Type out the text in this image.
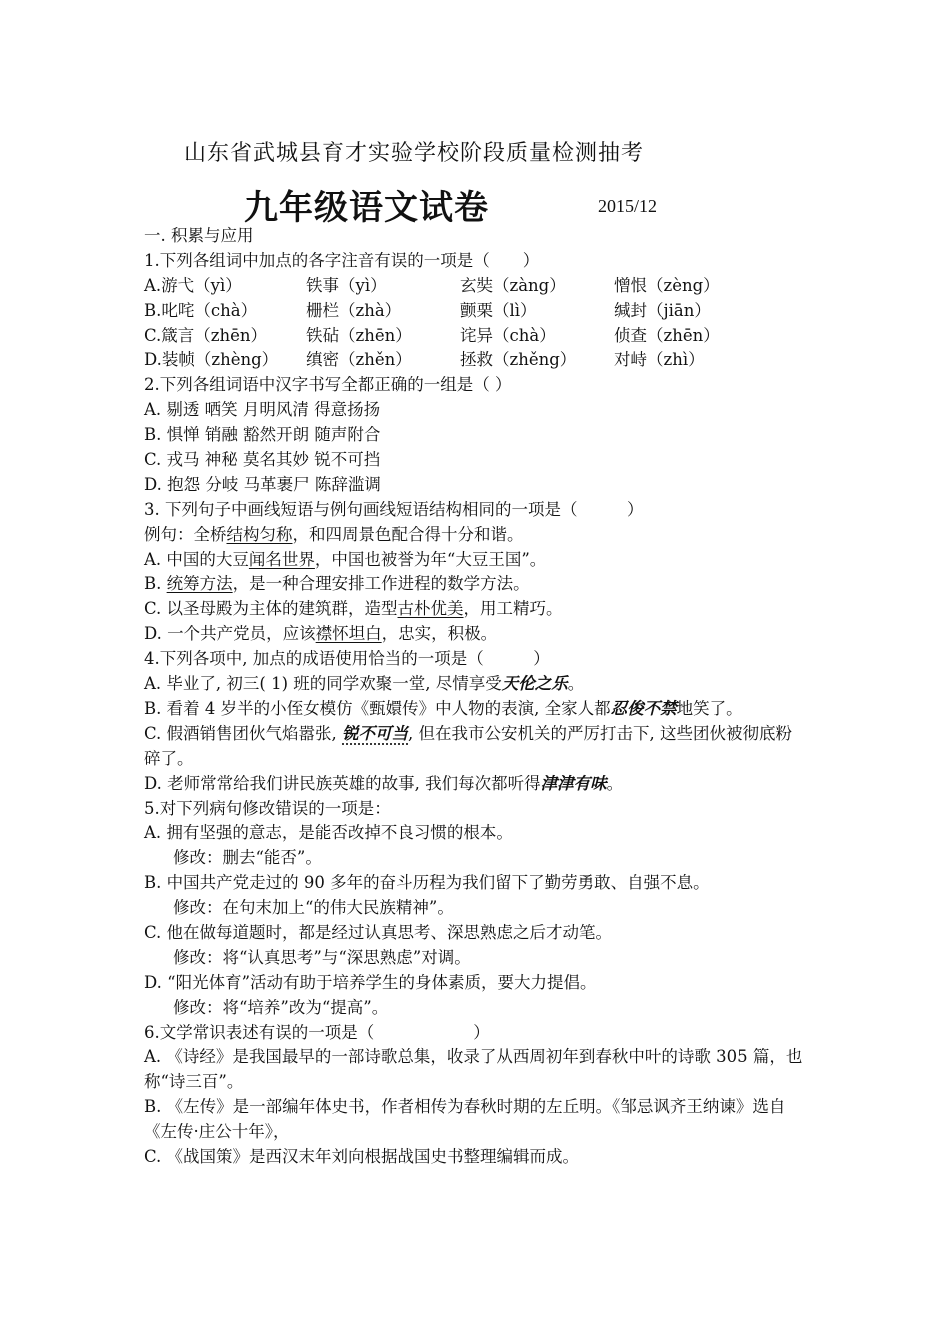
山东省武城县育才实验学校阶段质量检测抽考
九年级语文试卷	2015/12
一. 积累与应用
1.下列各组词中加点的各字注音有误的一项是（　　）
A.游弋（yì）	铁事（yì）	玄奘（zàng）	憎恨（zèng）
B.叱咤（chà）	栅栏（zhà）	颤栗（lì）	缄封（jiān）
C.箴言（zhēn）	铁砧（zhēn）	诧异（chà）	侦查（zhēn）
D.装帧（zhèng）	缜密（zhěn）	拯救（zhěng）	对峙（zhì）
2.下列各组词语中汉字书写全都正确的一组是（ ）
A. 剔透 哂笑 月明风清 得意扬扬
B. 惧惮 销融 豁然开朗 随声附合
C. 戎马 神秘 莫名其妙 锐不可挡
D. 抱怨 分岐 马革裹尸 陈辞滥调
3. 下列句子中画线短语与例句画线短语结构相同的一项是（　　　）
例句：全桥结构匀称，和四周景色配合得十分和谐。
A. 中国的大豆闻名世界，中国也被誉为年“大豆王国”。
B. 统筹方法，是一种合理安排工作进程的数学方法。
C. 以圣母殿为主体的建筑群，造型古朴优美，用工精巧。
D. 一个共产党员，应该襟怀坦白，忠实，积极。
4.下列各项中, 加点的成语使用恰当的一项是（　　　）
A. 毕业了, 初三( 1) 班的同学欢聚一堂, 尽情享受天伦之乐。
B. 看着 4 岁半的小侄女模仿《甄嬛传》中人物的表演, 全家人都忍俊不禁地笑了。
C. 假酒销售团伙气焰嚣张, 锐不可当, 但在我市公安机关的严厉打击下, 这些团伙被彻底粉碎了。
D. 老师常常给我们讲民族英雄的故事, 我们每次都听得津津有味。
5.对下列病句修改错误的一项是：
A. 拥有坚强的意志，是能否改掉不良习惯的根本。
修改：删去“能否”。
B. 中国共产党走过的 90 多年的奋斗历程为我们留下了勤劳勇敢、自强不息。
修改：在句末加上“的伟大民族精神”。
C. 他在做每道题时，都是经过认真思考、深思熟虑之后才动笔。
修改：将“认真思考”与“深思熟虑”对调。
D. “阳光体育”活动有助于培养学生的身体素质，要大力提倡。
修改：将“培养”改为“提高”。
6.文学常识表述有误的一项是（　　　　　　）
A. 《诗经》是我国最早的一部诗歌总集，收录了从西周初年到春秋中叶的诗歌 305 篇，也称“诗三百”。
B. 《左传》是一部编年体史书，作者相传为春秋时期的左丘明。《邹忌讽齐王纳谏》选自《左传·庄公十年》，
C. 《战国策》是西汉末年刘向根据战国史书整理编辑而成。
